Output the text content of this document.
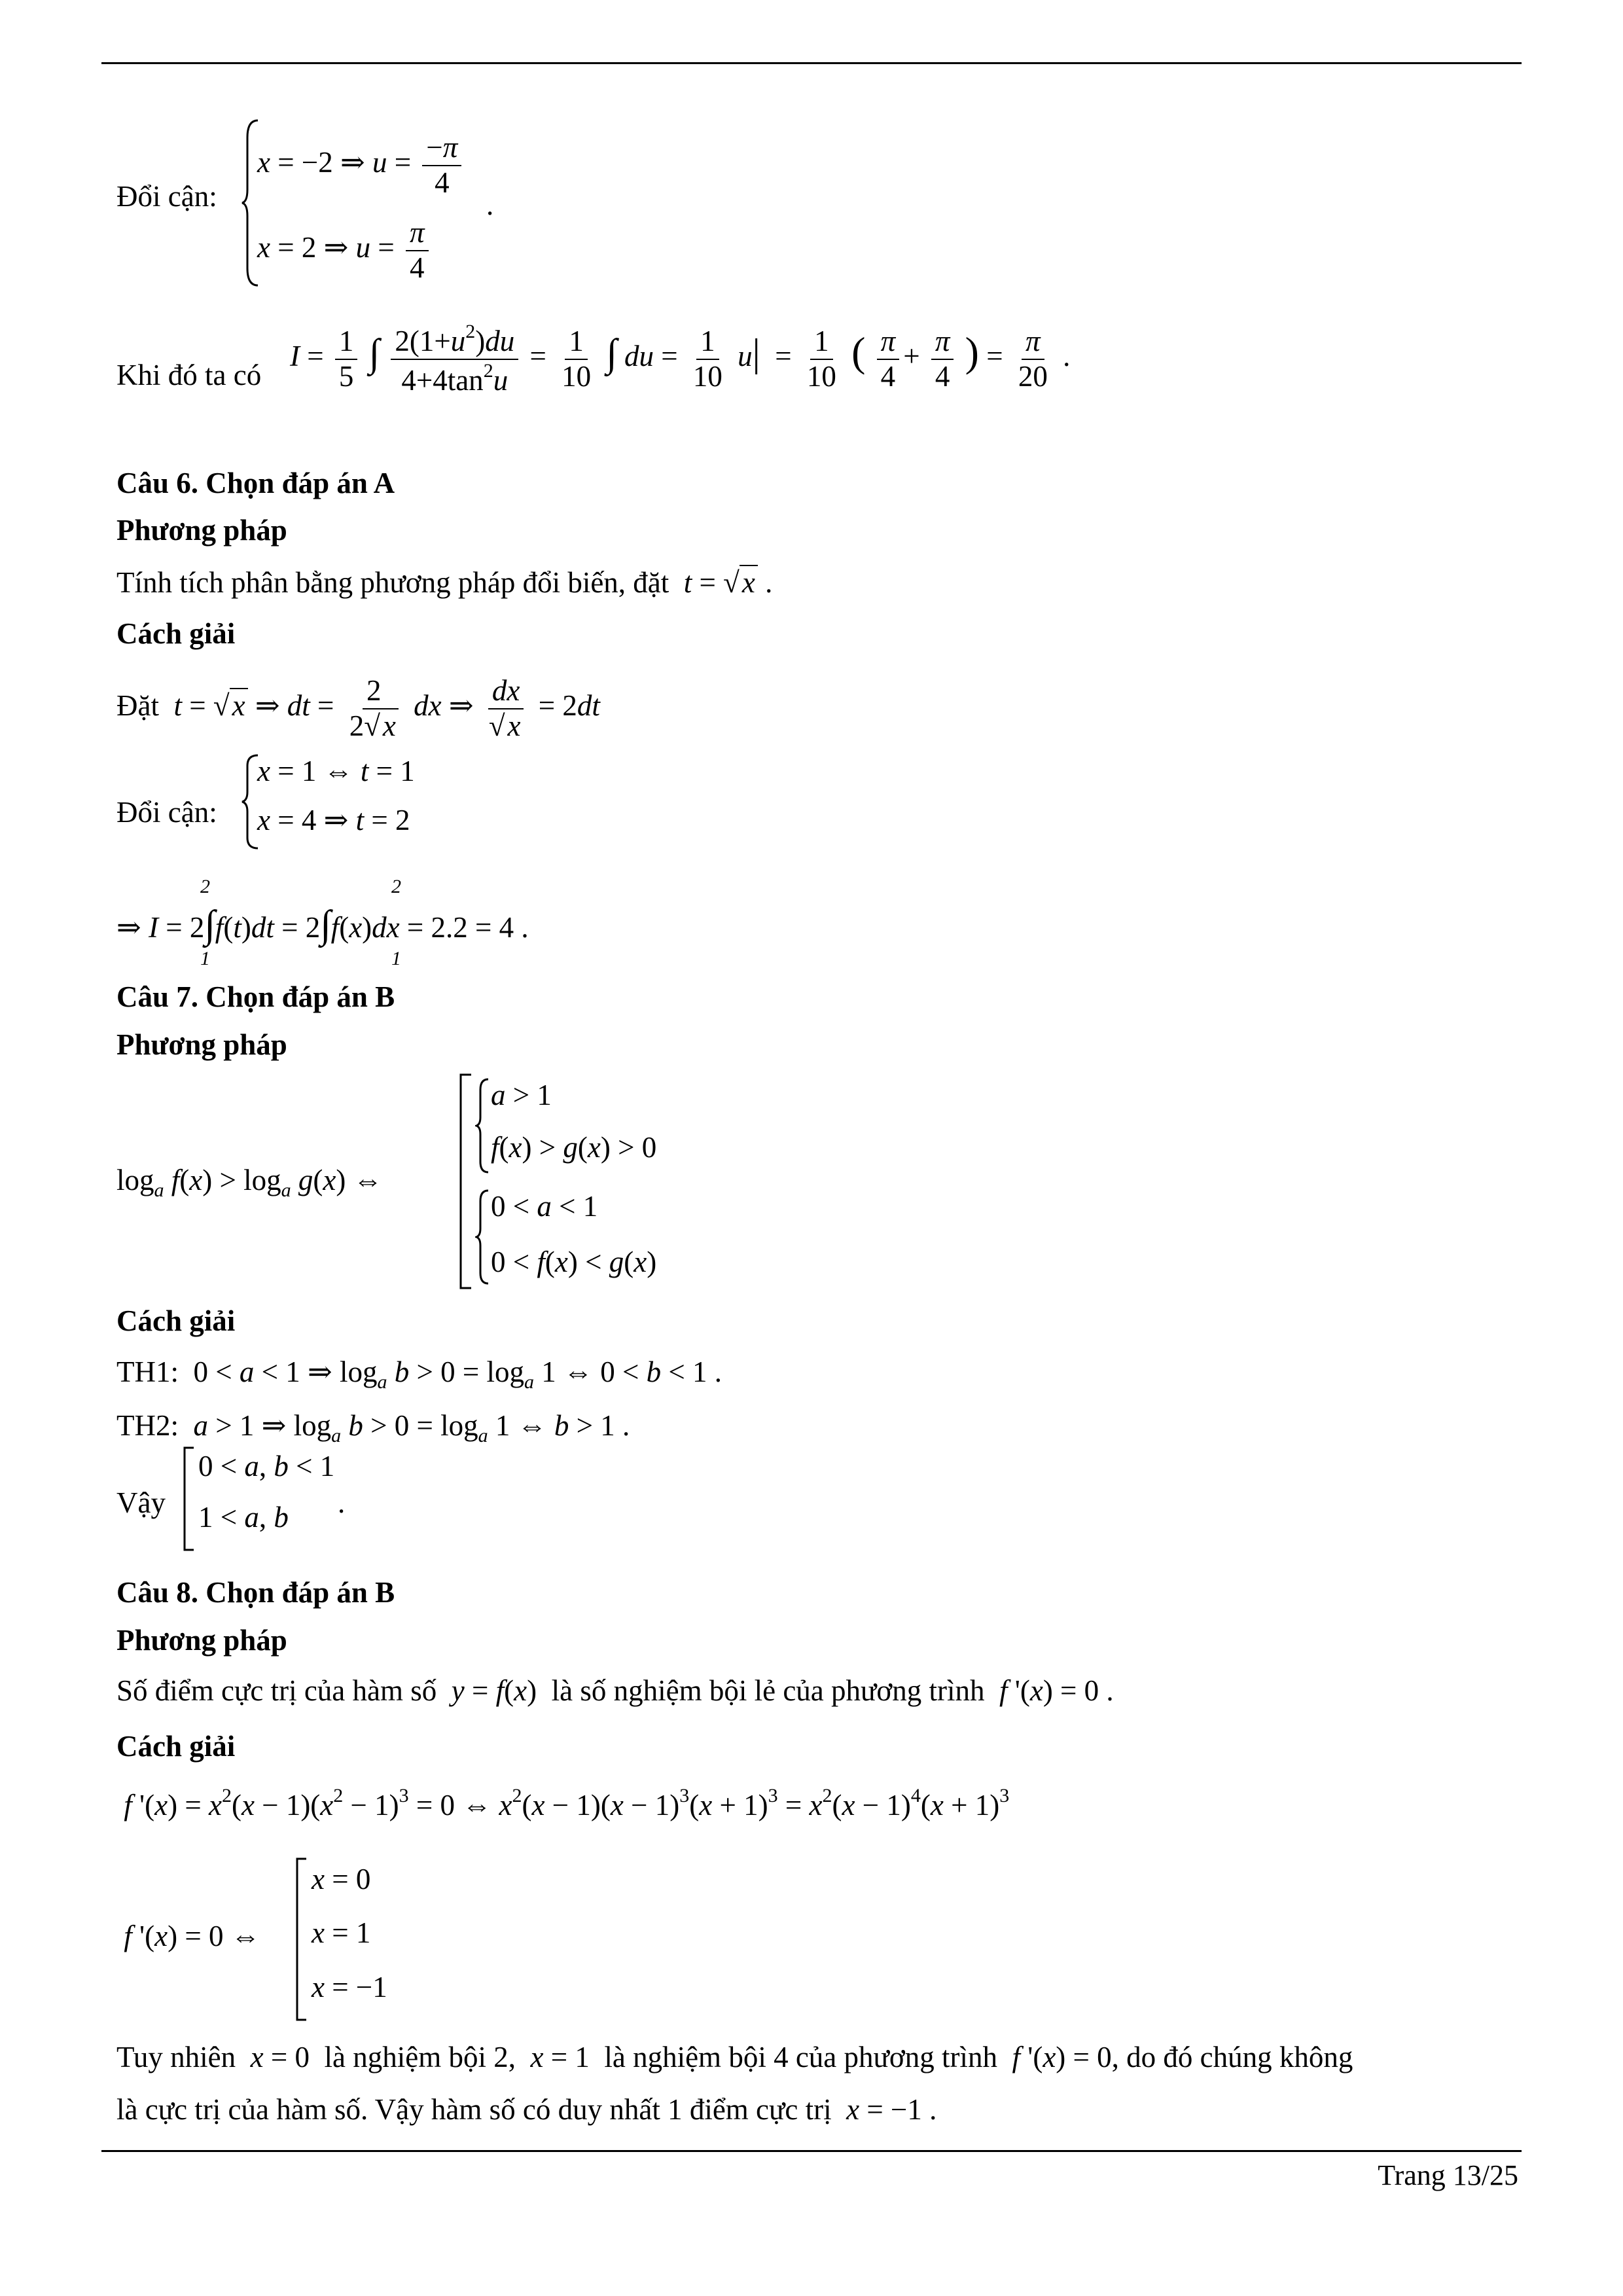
Đổi cận:
x = −2 ⇒ $u = \frac{-\pi}{4}$
x = 2 ⇒ $u = \frac{\pi}{4}$
.
Khi đó ta có
$I = \frac{1}{5}$ ∫ $\frac{2(1+u^2)du}{4+4\tan^2u} = \frac{1}{10}$ ∫ du = $\frac{1}{10} u| = \frac{1}{10}$ ( $\frac{\pi}{4} + \frac{\pi}{4}$ ) = $\frac{\pi}{20}$ .
Câu 6. Chọn đáp án A
Phương pháp
Tính tích phân bằng phương pháp đổi biến, đặt t = √x .
Cách giải
Đặt t = √x ⇒ dt = $\frac{2}{2√x}$ dx ⇒ $\frac{dx}{√x} = 2dt$
Đổi cận:
x = 1 ⇔ t = 1
x = 4 ⇒ t = 2
⇒ I = 2∫f(t)dt = 2∫f(x)dx = 2.2 = 4 .
2
1
2
1
Câu 7. Chọn đáp án B
Phương pháp
$\log_a f(x) > \log_a g(x)$ ⇔
a > 1
f(x) > g(x) > 0
0 < a < 1
0 < f(x) < g(x)
Cách giải
TH1:  0 < a < 1 ⇒ $\log_a b > 0 = \log_a 1$ ⇔ 0 < b < 1 .
TH2: a > 1 ⇒ $\log_a b > 0 = \log_a 1$ ⇔ b > 1 .
Vậy
0 < a, b < 1
1 < a, b .
Câu 8. Chọn đáp án B
Phương pháp
Số điểm cực trị của hàm số y = f(x)  là số nghiệm bội lẻ của phương trình f '(x) = 0 .
Cách giải
f '$(x) = x^2(x - 1)(x^2 - 1)^3 = 0$ ⇔ $x^2(x - 1)(x - 1)^3(x + 1)^3 = x^2(x - 1)^4(x + 1)^3$
f '(x) = 0 ⇔
x = 0
x = 1
x = −1
Tuy nhiên x = 0  là nghiệm bội 2, x = 1  là nghiệm bội 4 của phương trình f '(x) = 0, do đó chúng không
là cực trị của hàm số. Vậy hàm số có duy nhất 1 điểm cực trị x = −1 .
Trang 13/25
